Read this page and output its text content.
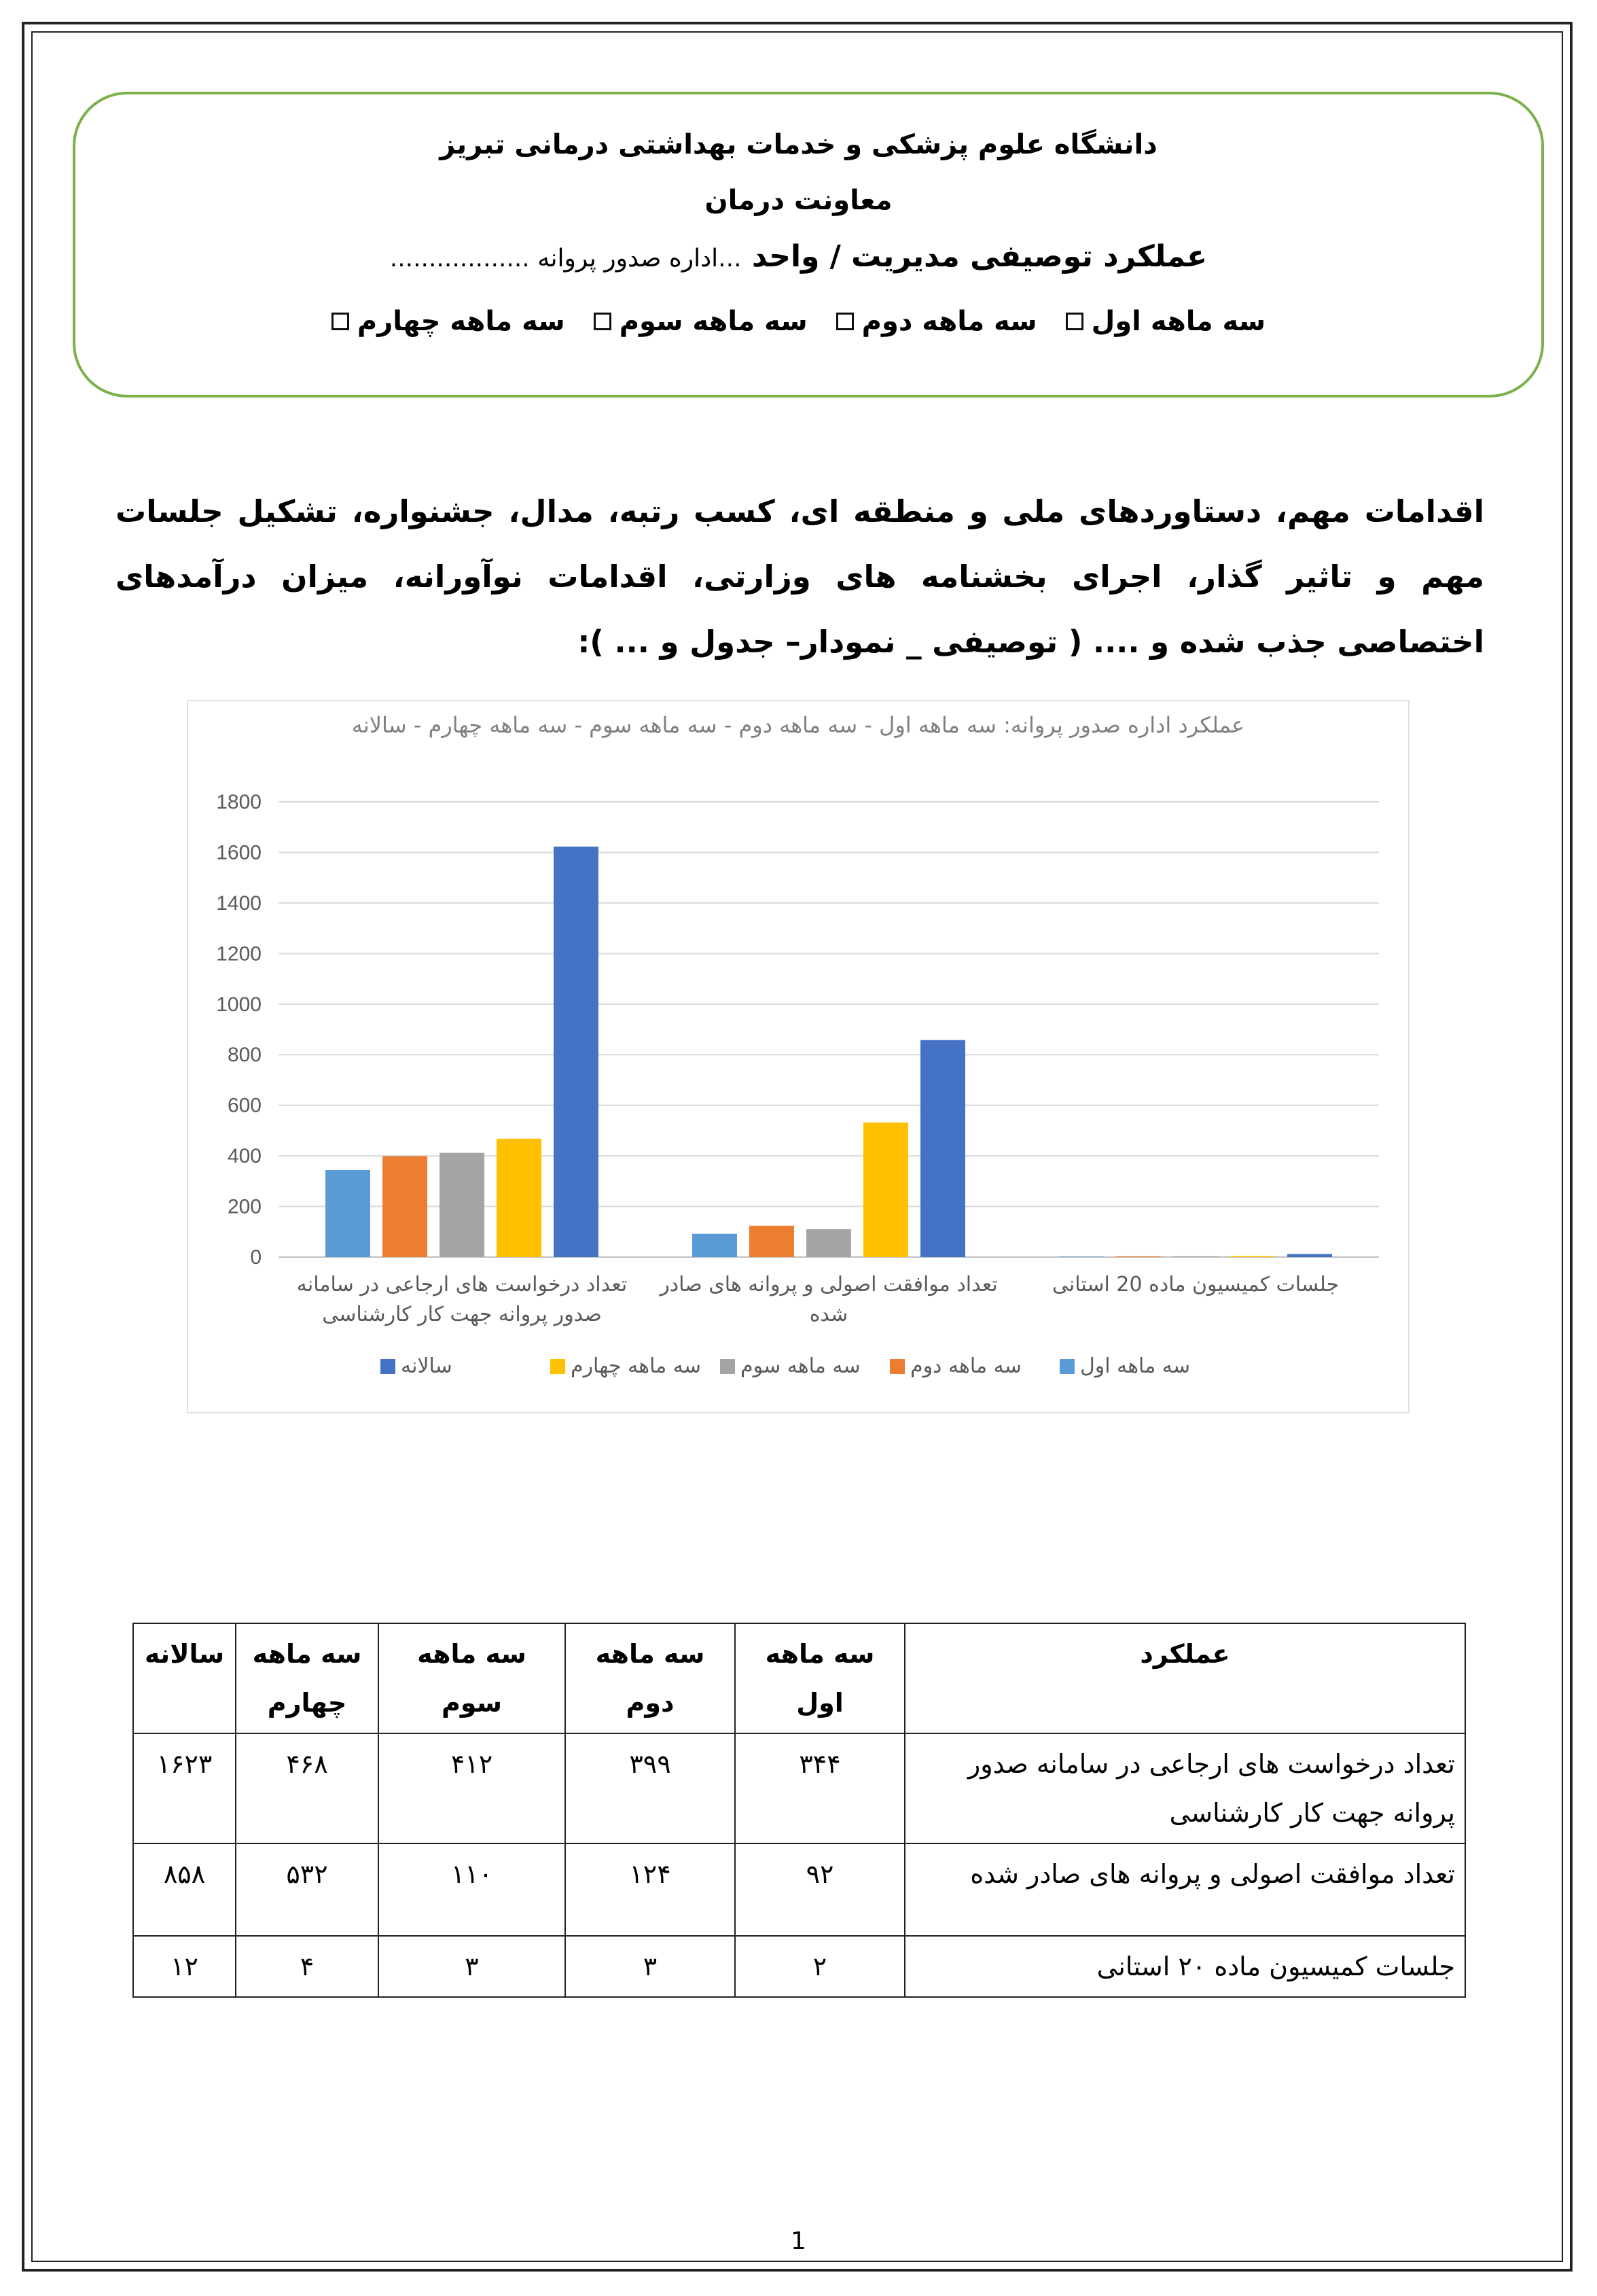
دانشگاه علوم پزشکی و خدمات بهداشتی درمانی تبریز
معاونت درمان
عملکرد توصیفی مدیریت / واحد ...اداره صدور پروانه ..................
سه ماهه اول
سه ماهه دوم
سه ماهه سوم
سه ماهه چهارم
اقدامات مهم، دستاوردهای ملی و منطقه ای، کسب رتبه، مدال، جشنواره، تشکیل جلسات مهم و تاثیر گذار، اجرای بخشنامه های وزارتی، اقدامات نوآورانه، میزان درآمدهای اختصاصی جذب شده و .... ( توصیفی _ نمودار– جدول و ... ):
عملکرد اداره صدور پروانه: سه ماهه اول - سه ماهه دوم - سه ماهه سوم - سه ماهه چهارم - سالانه
0
200
400
600
800
1000
1200
1400
1600
1800
تعداد درخواست های ارجاعی در سامانه
صدور پروانه جهت کار کارشناسی
تعداد موافقت اصولی و پروانه های صادر
شده
جلسات کمیسیون ماده 20 استانی
سه ماهه اول
سه ماهه دوم
سه ماهه سوم
سه ماهه چهارم
سالانه
عملکرد	سه ماهه اول	سه ماهه دوم	سه ماهه سوم	سه ماهه چهارم	سالانه
تعداد درخواست های ارجاعی در سامانه صدور پروانه جهت کار کارشناسی	۳۴۴	۳۹۹	۴۱۲	۴۶۸	۱۶۲۳
تعداد موافقت اصولی و پروانه های صادر شده	۹۲	۱۲۴	۱۱۰	۵۳۲	۸۵۸
جلسات کمیسیون ماده ۲۰ استانی	۲	۳	۳	۴	۱۲
1
